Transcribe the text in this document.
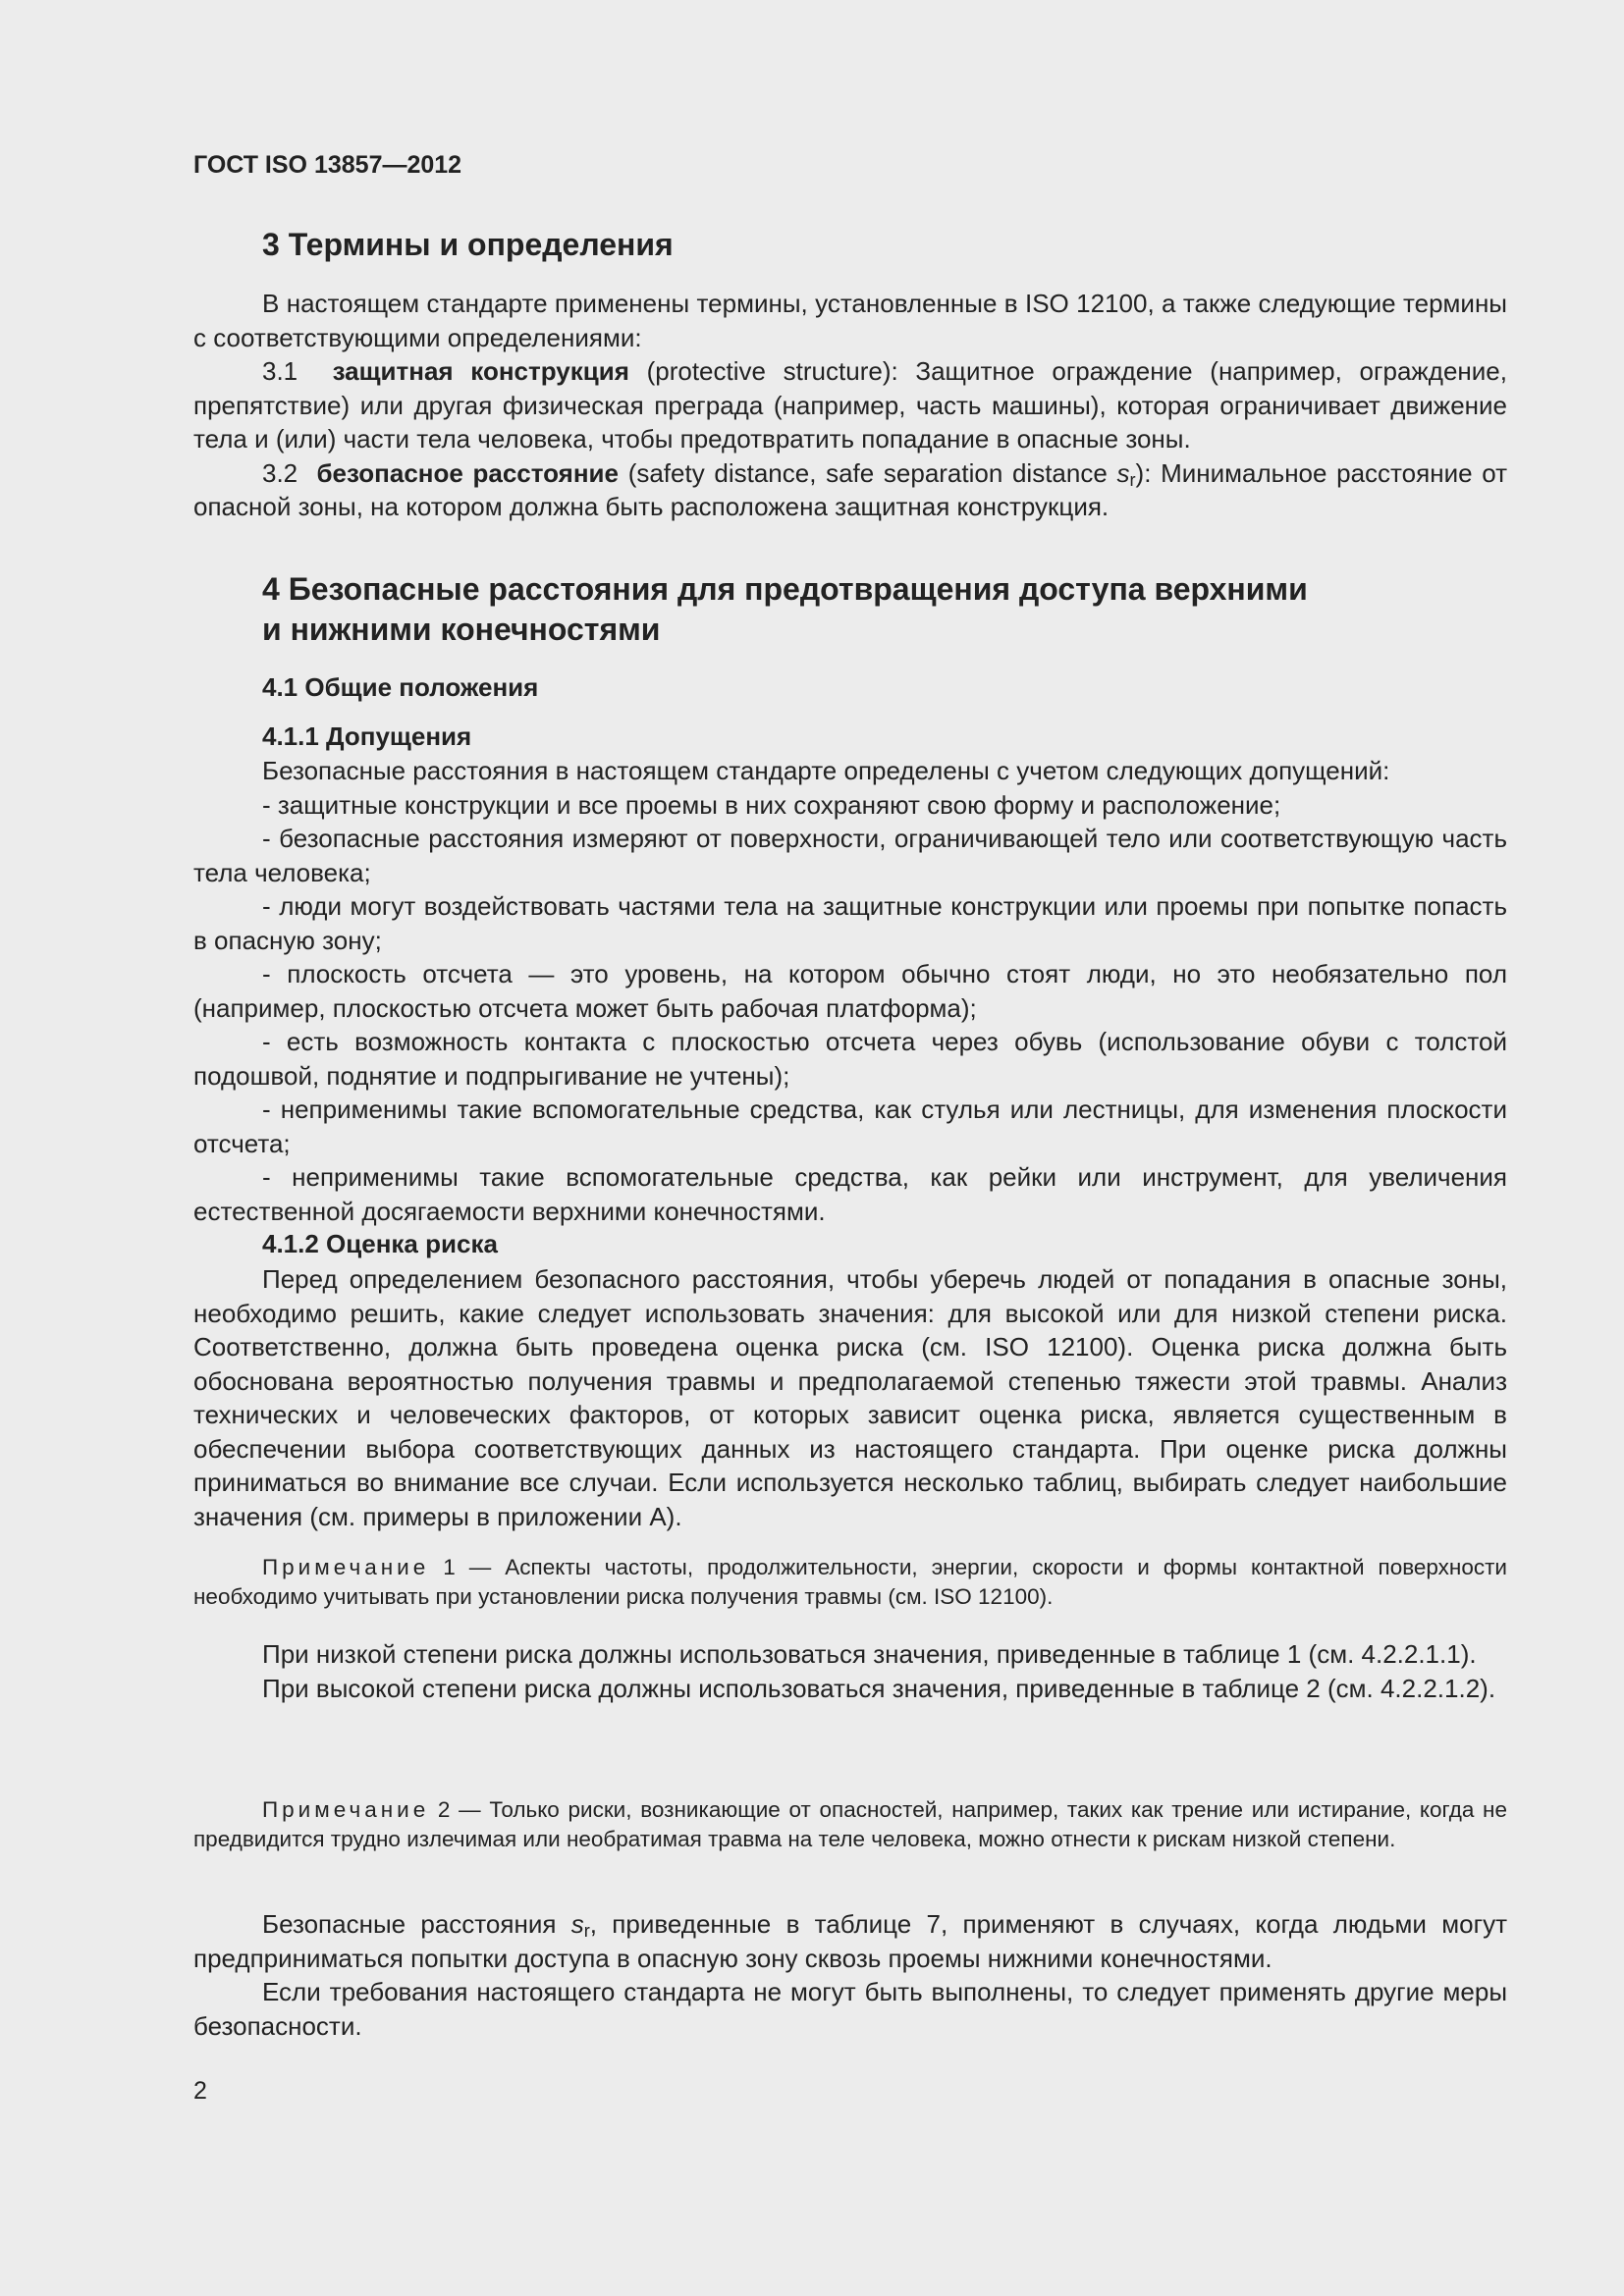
ГОСТ ISO 13857—2012

3 Термины и определения

В настоящем стандарте применены термины, установленные в ISO 12100, а также следующие термины с соответствующими определениями:

3.1 защитная конструкция (protective structure): Защитное ограждение (например, ограждение, препятствие) или другая физическая преграда (например, часть машины), которая ограничивает движение тела и (или) части тела человека, чтобы предотвратить попадание в опасные зоны.

3.2 безопасное расстояние (safety distance, safe separation distance $s_r$): Минимальное расстояние от опасной зоны, на котором должна быть расположена защитная конструкция.

4 Безопасные расстояния для предотвращения доступа верхними
и нижними конечностями
4.1 Общие положения
4.1.1 Допущения

Безопасные расстояния в настоящем стандарте определены с учетом следующих допущений:

- защитные конструкции и все проемы в них сохраняют свою форму и расположение;

- безопасные расстояния измеряют от поверхности, ограничивающей тело или соответствующую часть тела человека;

- люди могут воздействовать частями тела на защитные конструкции или проемы при попытке попасть в опасную зону;

- плоскость отсчета — это уровень, на котором обычно стоят люди, но это необязательно пол (например, плоскостью отсчета может быть рабочая платформа);

- есть возможность контакта с плоскостью отсчета через обувь (использование обуви с толстой подошвой, поднятие и подпрыгивание не учтены);

- неприменимы такие вспомогательные средства, как стулья или лестницы, для изменения плоскости отсчета;

- неприменимы такие вспомогательные средства, как рейки или инструмент, для увеличения естественной досягаемости верхними конечностями.

4.1.2 Оценка риска

Перед определением безопасного расстояния, чтобы уберечь людей от попадания в опасные зоны, необходимо решить, какие следует использовать значения: для высокой или для низкой степени риска. Соответственно, должна быть проведена оценка риска (см. ISO 12100). Оценка риска должна быть обоснована вероятностью получения травмы и предполагаемой степенью тяжести этой травмы. Анализ технических и человеческих факторов, от которых зависит оценка риска, является существенным в обеспечении выбора соответствующих данных из настоящего стандарта. При оценке риска должны приниматься во внимание все случаи. Если используется несколько таблиц, выбирать следует наибольшие значения (см. примеры в приложении А).

Примечание 1 — Аспекты частоты, продолжительности, энергии, скорости и формы контактной поверхности необходимо учитывать при установлении риска получения травмы (см. ISO 12100).

При низкой степени риска должны использоваться значения, приведенные в таблице 1 (см. 4.2.2.1.1).

При высокой степени риска должны использоваться значения, приведенные в таблице 2 (см. 4.2.2.1.2).

Примечание 2 — Только риски, возникающие от опасностей, например, таких как трение или истирание, когда не предвидится трудно излечимая или необратимая травма на теле человека, можно отнести к рискам низкой степени.

Безопасные расстояния $s_r$, приведенные в таблице 7, применяют в случаях, когда людьми могут предприниматься попытки доступа в опасную зону сквозь проемы нижними конечностями.

Если требования настоящего стандарта не могут быть выполнены, то следует применять другие меры безопасности.

2
